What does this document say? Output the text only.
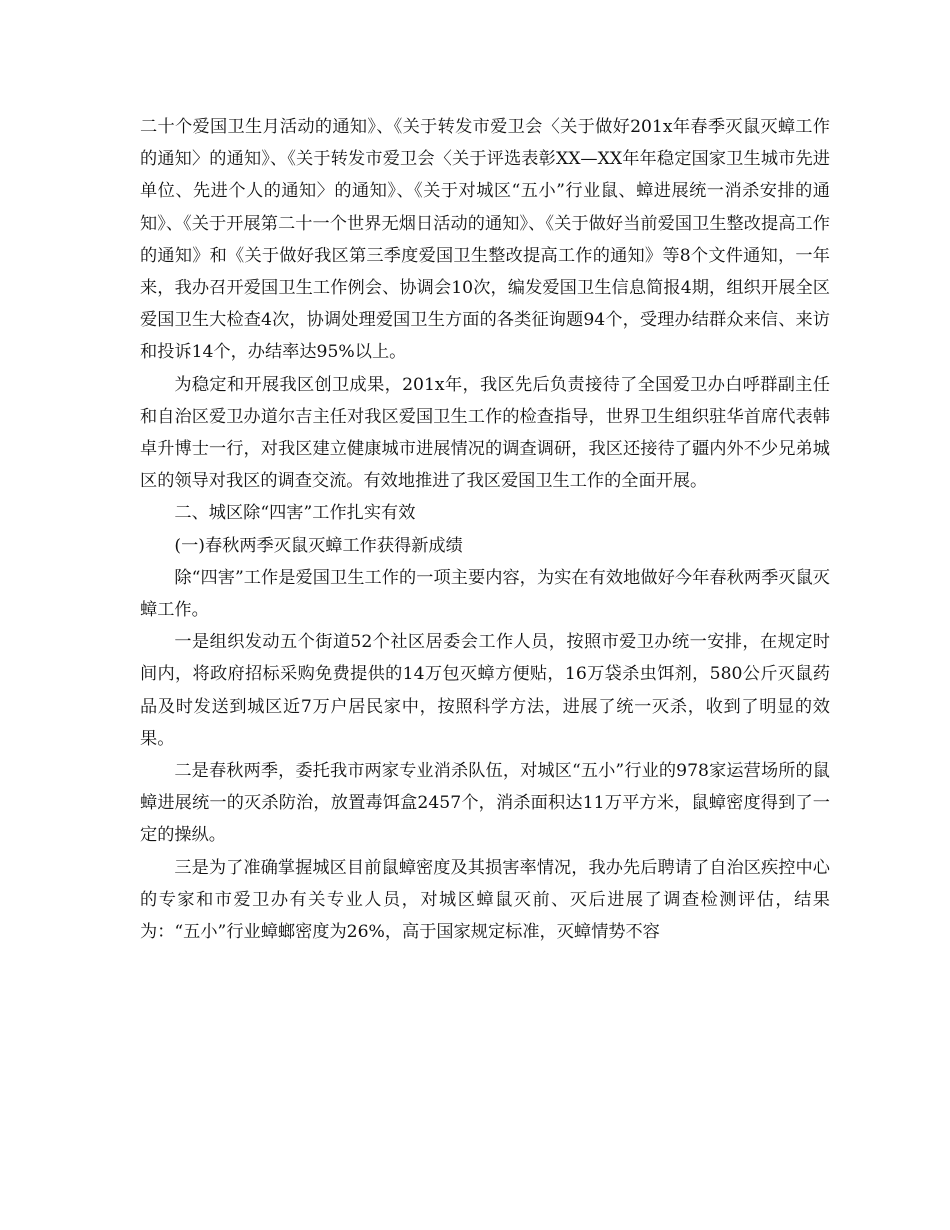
二十个爱国卫生月活动的通知》、《关于转发市爱卫会〈关于做好201x年春季灭鼠灭蟑工作的通知〉的通知》、《关于转发市爱卫会〈关于评选表彰XX—XX年年稳定国家卫生城市先进单位、先进个人的通知〉的通知》、《关于对城区“五小”行业鼠、蟑进展统一消杀安排的通知》、《关于开展第二十一个世界无烟日活动的通知》、《关于做好当前爱国卫生整改提高工作的通知》和《关于做好我区第三季度爱国卫生整改提高工作的通知》等8个文件通知，一年来，我办召开爱国卫生工作例会、协调会10次，编发爱国卫生信息简报4期，组织开展全区爱国卫生大检查4次，协调处理爱国卫生方面的各类征询题94个，受理办结群众来信、来访和投诉14个，办结率达95%以上。

为稳定和开展我区创卫成果，201x年，我区先后负责接待了全国爱卫办白呼群副主任和自治区爱卫办道尔吉主任对我区爱国卫生工作的检查指导，世界卫生组织驻华首席代表韩卓升博士一行，对我区建立健康城市进展情况的调查调研，我区还接待了疆内外不少兄弟城区的领导对我区的调查交流。有效地推进了我区爱国卫生工作的全面开展。

二、城区除“四害”工作扎实有效

(一)春秋两季灭鼠灭蟑工作获得新成绩

除“四害”工作是爱国卫生工作的一项主要内容，为实在有效地做好今年春秋两季灭鼠灭蟑工作。

一是组织发动五个街道52个社区居委会工作人员，按照市爱卫办统一安排，在规定时间内，将政府招标采购免费提供的14万包灭蟑方便贴，16万袋杀虫饵剂，580公斤灭鼠药品及时发送到城区近7万户居民家中，按照科学方法，进展了统一灭杀，收到了明显的效果。

二是春秋两季，委托我市两家专业消杀队伍，对城区“五小”行业的978家运营场所的鼠蟑进展统一的灭杀防治，放置毒饵盒2457个，消杀面积达11万平方米，鼠蟑密度得到了一定的操纵。

三是为了准确掌握城区目前鼠蟑密度及其损害率情况，我办先后聘请了自治区疾控中心的专家和市爱卫办有关专业人员，对城区蟑鼠灭前、灭后进展了调查检测评估，结果为：“五小”行业蟑螂密度为26%，高于国家规定标准，灭蟑情势不容
